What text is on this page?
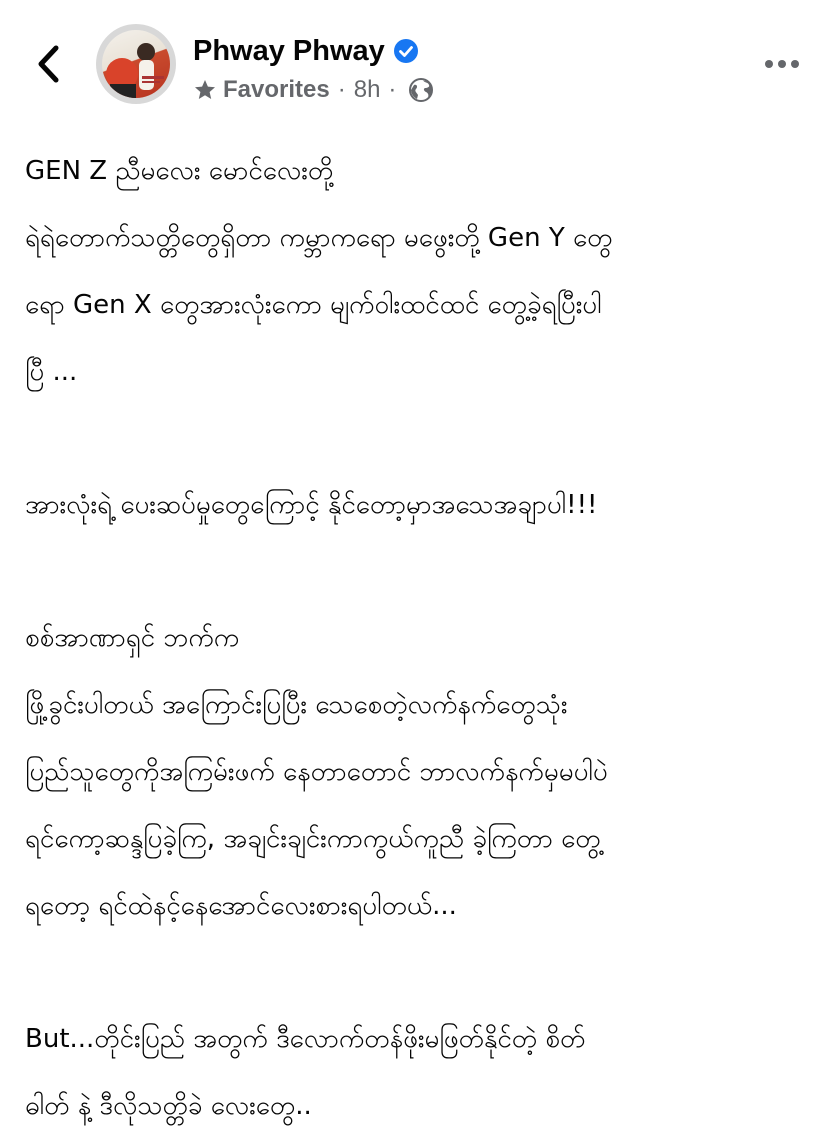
Phway Phway
Favorites · 8h ·
GEN Z ညီမလေး မောင်လေးတို့
ရဲရဲတောက်သတ္တိတွေရှိတာ ကမ္ဘာကရော မဖွေးတို့ Gen Y တွေ
ရော Gen X တွေအားလုံးကော မျက်ဝါးထင်ထင် တွေ့ခဲ့ရပြီးပါ
ပြီ ...
အားလုံးရဲ့ ပေးဆပ်မှုတွေကြောင့် နိုင်တော့မှာအသေအချာပါ!!!
စစ်အာဏာရှင် ဘက်က
ဖြို့ခွင်းပါတယ် အကြောင်းပြပြီး သေစေတဲ့လက်နက်တွေသုံး
ပြည်သူတွေကိုအကြမ်းဖက် နေတာတောင် ဘာလက်နက်မှမပါပဲ
ရင်ကော့ဆန္ဒပြခဲ့ကြ, အချင်းချင်းကာကွယ်ကူညီ ခဲ့ကြတာ တွေ့
ရတော့ ရင်ထဲနင့်နေအောင်လေးစားရပါတယ်...
But...တိုင်းပြည် အတွက် ဒီလောက်တန်ဖိုးမဖြတ်နိုင်တဲ့ စိတ်
ဓါတ် နဲ့ ဒီလိုသတ္တိခဲ လေးတွေ..
